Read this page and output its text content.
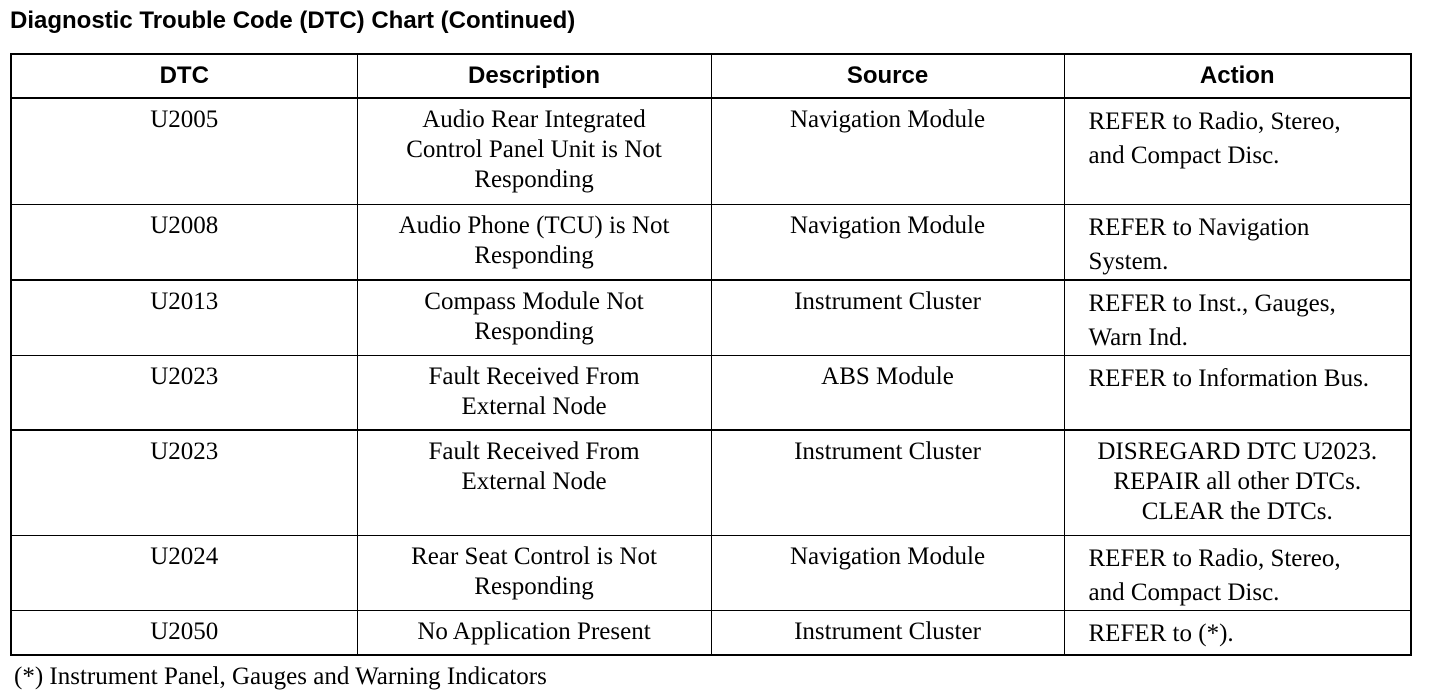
Diagnostic Trouble Code (DTC) Chart (Continued)
DTC	Description	Source	Action
U2005	Audio Rear Integrated
Control Panel Unit is Not
Responding	Navigation Module	REFER to Radio, Stereo,
and Compact Disc.

U2008	Audio Phone (TCU) is Not
Responding	Navigation Module	REFER to Navigation
System.

U2013	Compass Module Not
Responding	Instrument Cluster	REFER to Inst., Gauges,
Warn Ind.

U2023	Fault Received From
External Node	ABS Module	REFER to Information Bus.

U2023	Fault Received From
External Node	Instrument Cluster	DISREGARD DTC U2023.
REPAIR all other DTCs.
CLEAR the DTCs.

U2024	Rear Seat Control is Not
Responding	Navigation Module	REFER to Radio, Stereo,
and Compact Disc.

U2050	No Application Present	Instrument Cluster	REFER to (*).
(*) Instrument Panel, Gauges and Warning Indicators
